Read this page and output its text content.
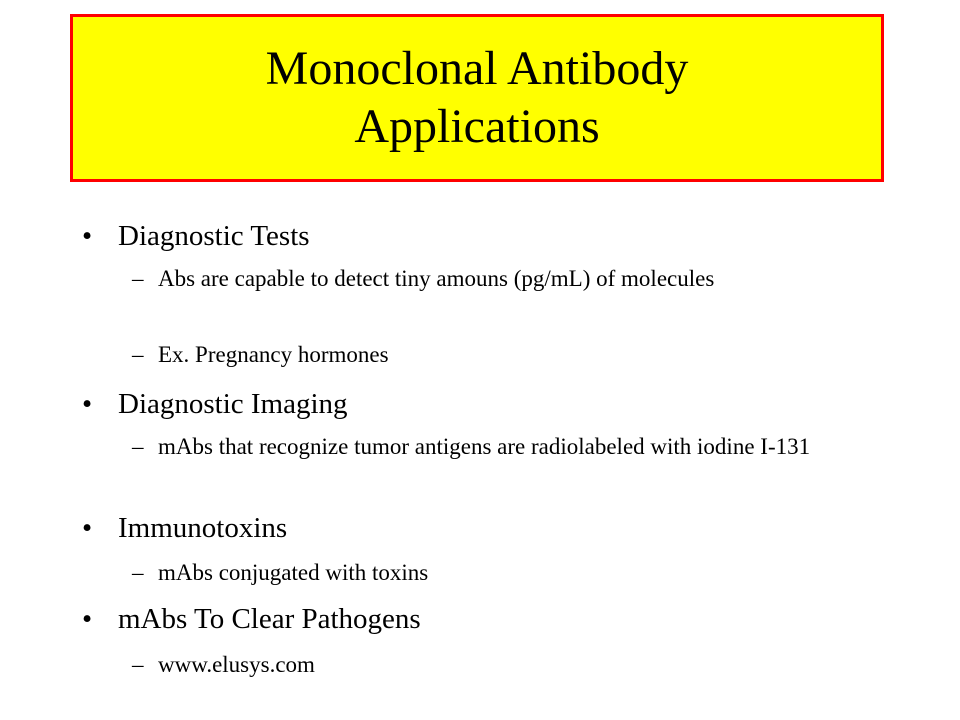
Monoclonal Antibody
Applications
• Diagnostic Tests
– Abs are capable to detect tiny amouns (pg/mL) of molecules
– Ex. Pregnancy hormones
• Diagnostic Imaging
– mAbs that recognize tumor antigens are radiolabeled with iodine I-131
• Immunotoxins
– mAbs conjugated with toxins
• mAbs To Clear Pathogens
– www.elusys.com
